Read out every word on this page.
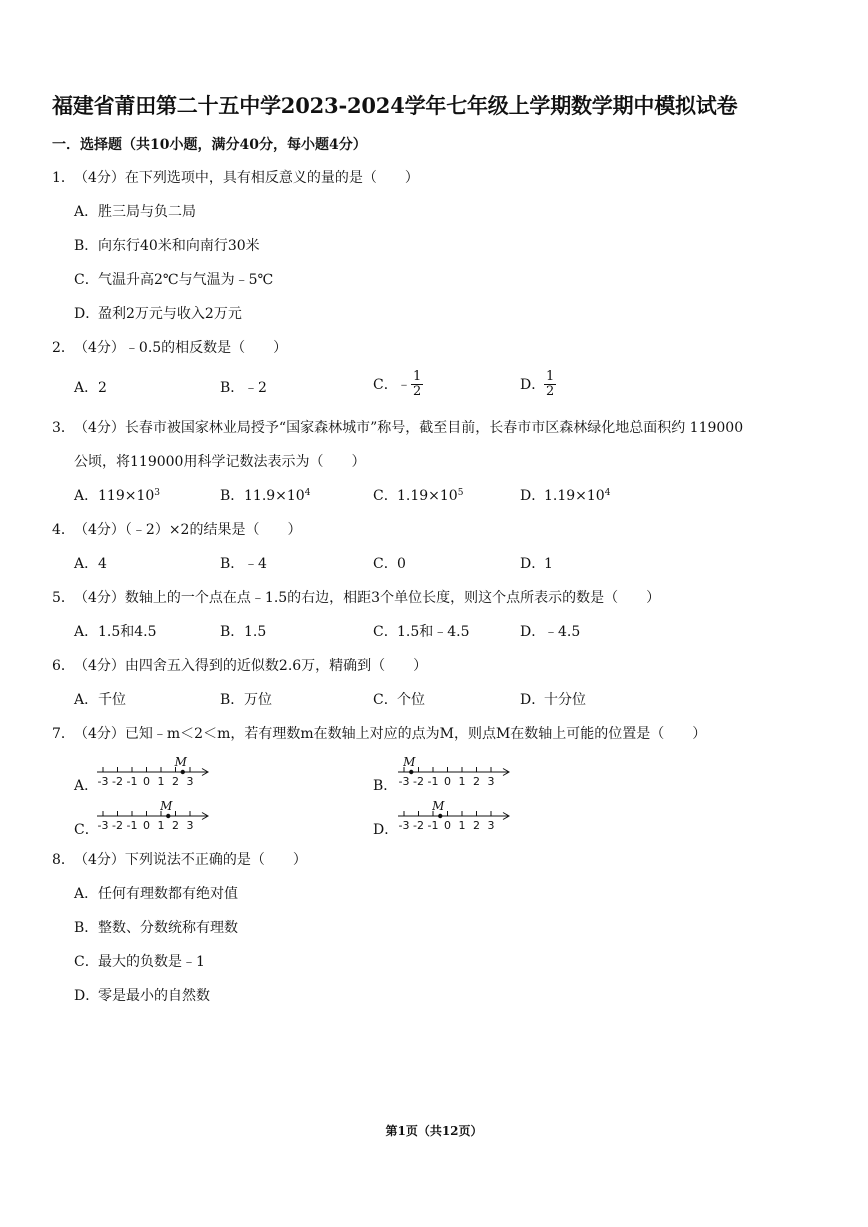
福建省莆田第二十五中学2023-2024学年七年级上学期数学期中模拟试卷
一．选择题（共10小题，满分40分，每小题4分）
1．（4分）在下列选项中，具有相反意义的量的是（　　）
A．胜三局与负二局
B．向东行40米和向南行30米
C．气温升高2℃与气温为﹣5℃
D．盈利2万元与收入2万元
2．（4分）﹣0.5的相反数是（　　）
A．2	B．﹣2	C．﹣ $\frac{1}{2}$	D．
$\frac{1}{2}$
3．（4分）长春市被国家林业局授予“国家森林城市”称号，截至目前，长春市市区森林绿化地总面积约 119000
公顷，将119000用科学记数法表示为（　　）
A．$119\times 10^3$	B．$11.9\times 10^4$	C．$1.19\times 10^5$	D．$1.19\times 10^4$
4．（4分）（﹣2）×2的结果是（　　）
A．4	B．﹣4	C．0	D．1
5．（4分）数轴上的一个点在点﹣1.5的右边，相距3个单位长度，则这个点所表示的数是（　　）
A．1.5和4.5	B．1.5	C．1.5和﹣4.5	D．﹣4.5
6．（4分）由四舍五入得到的近似数2.6万，精确到（　　）
A．千位	B．万位	C．个位	D．十分位
7．（4分）已知﹣m＜2＜m，若有理数m在数轴上对应的点为M，则点M在数轴上可能的位置是（　　）
A． -3 -2 -1 0 1 2 3
M
B． -3 -2 -1 0 1 2 3
M
C．
-3 -2 -1 0 1 2 3
M
D． -3 -2 -1 0 1 2 3
M
8．（4分）下列说法不正确的是（　　）
A．任何有理数都有绝对值
B．整数、分数统称有理数
C．最大的负数是﹣1
D．零是最小的自然数
第1页（共12页）
